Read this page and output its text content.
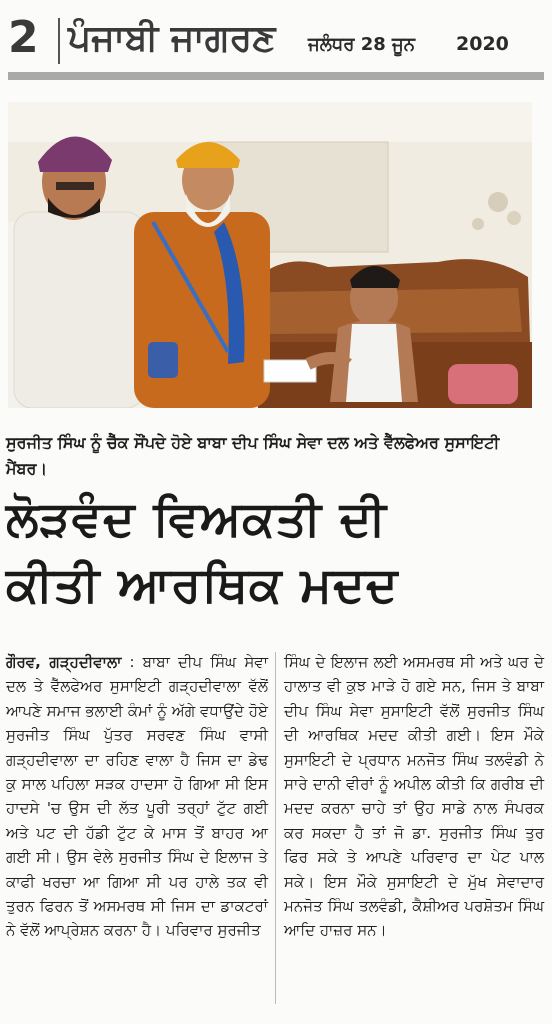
2 ਪੰਜਾਬੀ ਜਾਗਰਣ ਜਲੰਧਰ 28 ਜੂਨ 2020

ਸੁਰਜੀਤ ਸਿੰਘ ਨੂੰ ਚੈੱਕ ਸੌਂਪਦੇ ਹੋਏ ਬਾਬਾ ਦੀਪ ਸਿੰਘ ਸੇਵਾ ਦਲ ਅਤੇ ਵੈੱਲਫੇਅਰ ਸੁਸਾਇਟੀ ਮੈਂਬਰ।

ਲੋੜਵੰਦ ਵਿਅਕਤੀ ਦੀ
ਕੀਤੀ ਆਰਥਿਕ ਮਦਦ
ਗੌਰਵ, ਗੜ੍ਹਦੀਵਾਲਾ : ਬਾਬਾ ਦੀਪ ਸਿੰਘ ਸੇਵਾ ਦਲ ਤੇ ਵੈੱਲਫੇਅਰ ਸੁਸਾਇਟੀ ਗੜ੍ਹਦੀਵਾਲਾ ਵੱਲੋਂ ਆਪਣੇ ਸਮਾਜ ਭਲਾਈ ਕੰਮਾਂ ਨੂੰ ਅੱਗੇ ਵਧਾਉਂਦੇ ਹੋਏ ਸੁਰਜੀਤ ਸਿੰਘ ਪੁੱਤਰ ਸਰਵਣ ਸਿੰਘ ਵਾਸੀ ਗੜ੍ਹਦੀਵਾਲਾ ਦਾ ਰਹਿਣ ਵਾਲਾ ਹੈ ਜਿਸ ਦਾ ਡੇਢ ਕੁ ਸਾਲ ਪਹਿਲਾ ਸੜਕ ਹਾਦਸਾ ਹੋ ਗਿਆ ਸੀ ਇਸ ਹਾਦਸੇ 'ਚ ਉਸ ਦੀ ਲੱਤ ਪੂਰੀ ਤਰ੍ਹਾਂ ਟੁੱਟ ਗਈ ਅਤੇ ਪਟ ਦੀ ਹੱਡੀ ਟੁੱਟ ਕੇ ਮਾਸ ਤੋਂ ਬਾਹਰ ਆ ਗਈ ਸੀ। ਉਸ ਵੇਲੇ ਸੁਰਜੀਤ ਸਿੰਘ ਦੇ ਇਲਾਜ ਤੇ ਕਾਫੀ ਖਰਚਾ ਆ ਗਿਆ ਸੀ ਪਰ ਹਾਲੇ ਤਕ ਵੀ ਤੁਰਨ ਫਿਰਨ ਤੋਂ ਅਸਮਰਥ ਸੀ ਜਿਸ ਦਾ ਡਾਕਟਰਾਂ ਨੇ ਵੱਲੋਂ ਆਪ੍ਰੇਸ਼ਨ ਕਰਨਾ ਹੈ। ਪਰਿਵਾਰ ਸੁਰਜੀਤ
ਸਿੰਘ ਦੇ ਇਲਾਜ ਲਈ ਅਸਮਰਥ ਸੀ ਅਤੇ ਘਰ ਦੇ ਹਾਲਾਤ ਵੀ ਕੁਝ ਮਾੜੇ ਹੋ ਗਏ ਸਨ, ਜਿਸ ਤੇ ਬਾਬਾ ਦੀਪ ਸਿੰਘ ਸੇਵਾ ਸੁਸਾਇਟੀ ਵੱਲੋਂ ਸੁਰਜੀਤ ਸਿੰਘ ਦੀ ਆਰਥਿਕ ਮਦਦ ਕੀਤੀ ਗਈ। ਇਸ ਮੌਕੇ ਸੁਸਾਇਟੀ ਦੇ ਪ੍ਰਧਾਨ ਮਨਜੋਤ ਸਿੰਘ ਤਲਵੰਡੀ ਨੇ ਸਾਰੇ ਦਾਨੀ ਵੀਰਾਂ ਨੂੰ ਅਪੀਲ ਕੀਤੀ ਕਿ ਗਰੀਬ ਦੀ ਮਦਦ ਕਰਨਾ ਚਾਹੇ ਤਾਂ ਉਹ ਸਾਡੇ ਨਾਲ ਸੰਪਰਕ ਕਰ ਸਕਦਾ ਹੈ ਤਾਂ ਜੋ ਡਾ. ਸੁਰਜੀਤ ਸਿੰਘ ਤੁਰ ਫਿਰ ਸਕੇ ਤੇ ਆਪਣੇ ਪਰਿਵਾਰ ਦਾ ਪੇਟ ਪਾਲ ਸਕੇ। ਇਸ ਮੌਕੇ ਸੁਸਾਇਟੀ ਦੇ ਮੁੱਖ ਸੇਵਾਦਾਰ ਮਨਜੋਤ ਸਿੰਘ ਤਲਵੰਡੀ, ਕੈਸ਼ੀਅਰ ਪਰਸ਼ੋਤਮ ਸਿੰਘ ਆਦਿ ਹਾਜ਼ਰ ਸਨ।
